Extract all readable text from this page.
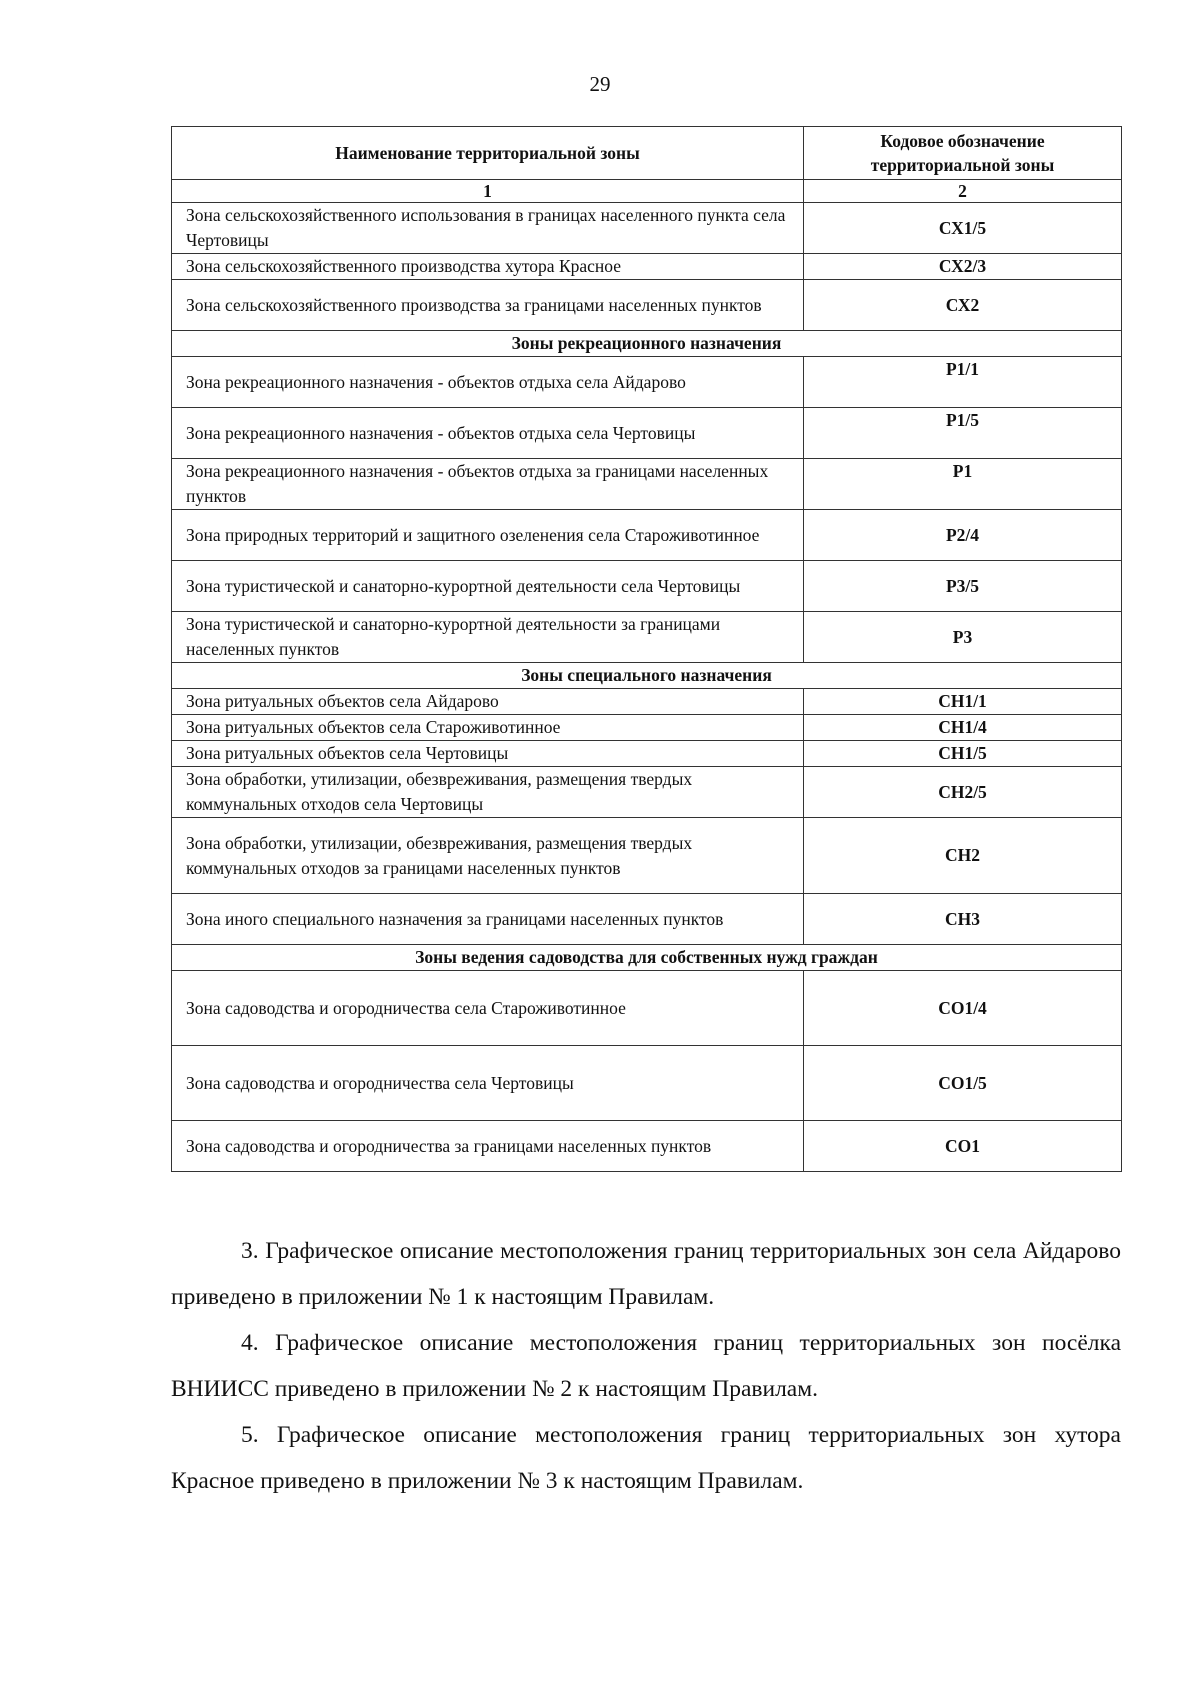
29
Наименование территориальной зоны	Кодовое обозначение территориальной зоны
1	2
Зона сельскохозяйственного использования в границах населенного пункта села Чертовицы	СХ1/5
Зона сельскохозяйственного производства хутора Красное	СХ2/3
Зона сельскохозяйственного производства за границами населенных пунктов	СХ2
Зоны рекреационного назначения	
Зона рекреационного назначения - объектов отдыха села Айдарово	Р1/1
Зона рекреационного назначения - объектов отдыха села Чертовицы	Р1/5
Зона рекреационного назначения - объектов отдыха за границами населенных пунктов	Р1
Зона природных территорий и защитного озеленения села Староживотинное	Р2/4
Зона туристической и санаторно-курортной деятельности села Чертовицы	Р3/5
Зона туристической и санаторно-курортной деятельности за границами населенных пунктов	Р3
Зоны специального назначения	
Зона ритуальных объектов села Айдарово	СН1/1
Зона ритуальных объектов села Староживотинное	СН1/4
Зона ритуальных объектов села Чертовицы	СН1/5
Зона обработки, утилизации, обезвреживания, размещения твердых коммунальных отходов села Чертовицы	СН2/5
Зона обработки, утилизации, обезвреживания, размещения твердых коммунальных отходов за границами населенных пунктов	СН2
Зона иного специального назначения за границами населенных пунктов	СН3
Зоны ведения садоводства для собственных нужд граждан	
Зона садоводства и огородничества села Староживотинное	СО1/4
Зона садоводства и огородничества села Чертовицы	СО1/5
Зона садоводства и огородничества за границами населенных пунктов	СО1

3. Графическое описание местоположения границ территориальных зон села Айдарово приведено в приложении № 1 к настоящим Правилам.

4. Графическое описание местоположения границ территориальных зон посёлка ВНИИСС приведено в приложении № 2 к настоящим Правилам.

5. Графическое описание местоположения границ территориальных зон хутора Красное приведено в приложении № 3 к настоящим Правилам.
